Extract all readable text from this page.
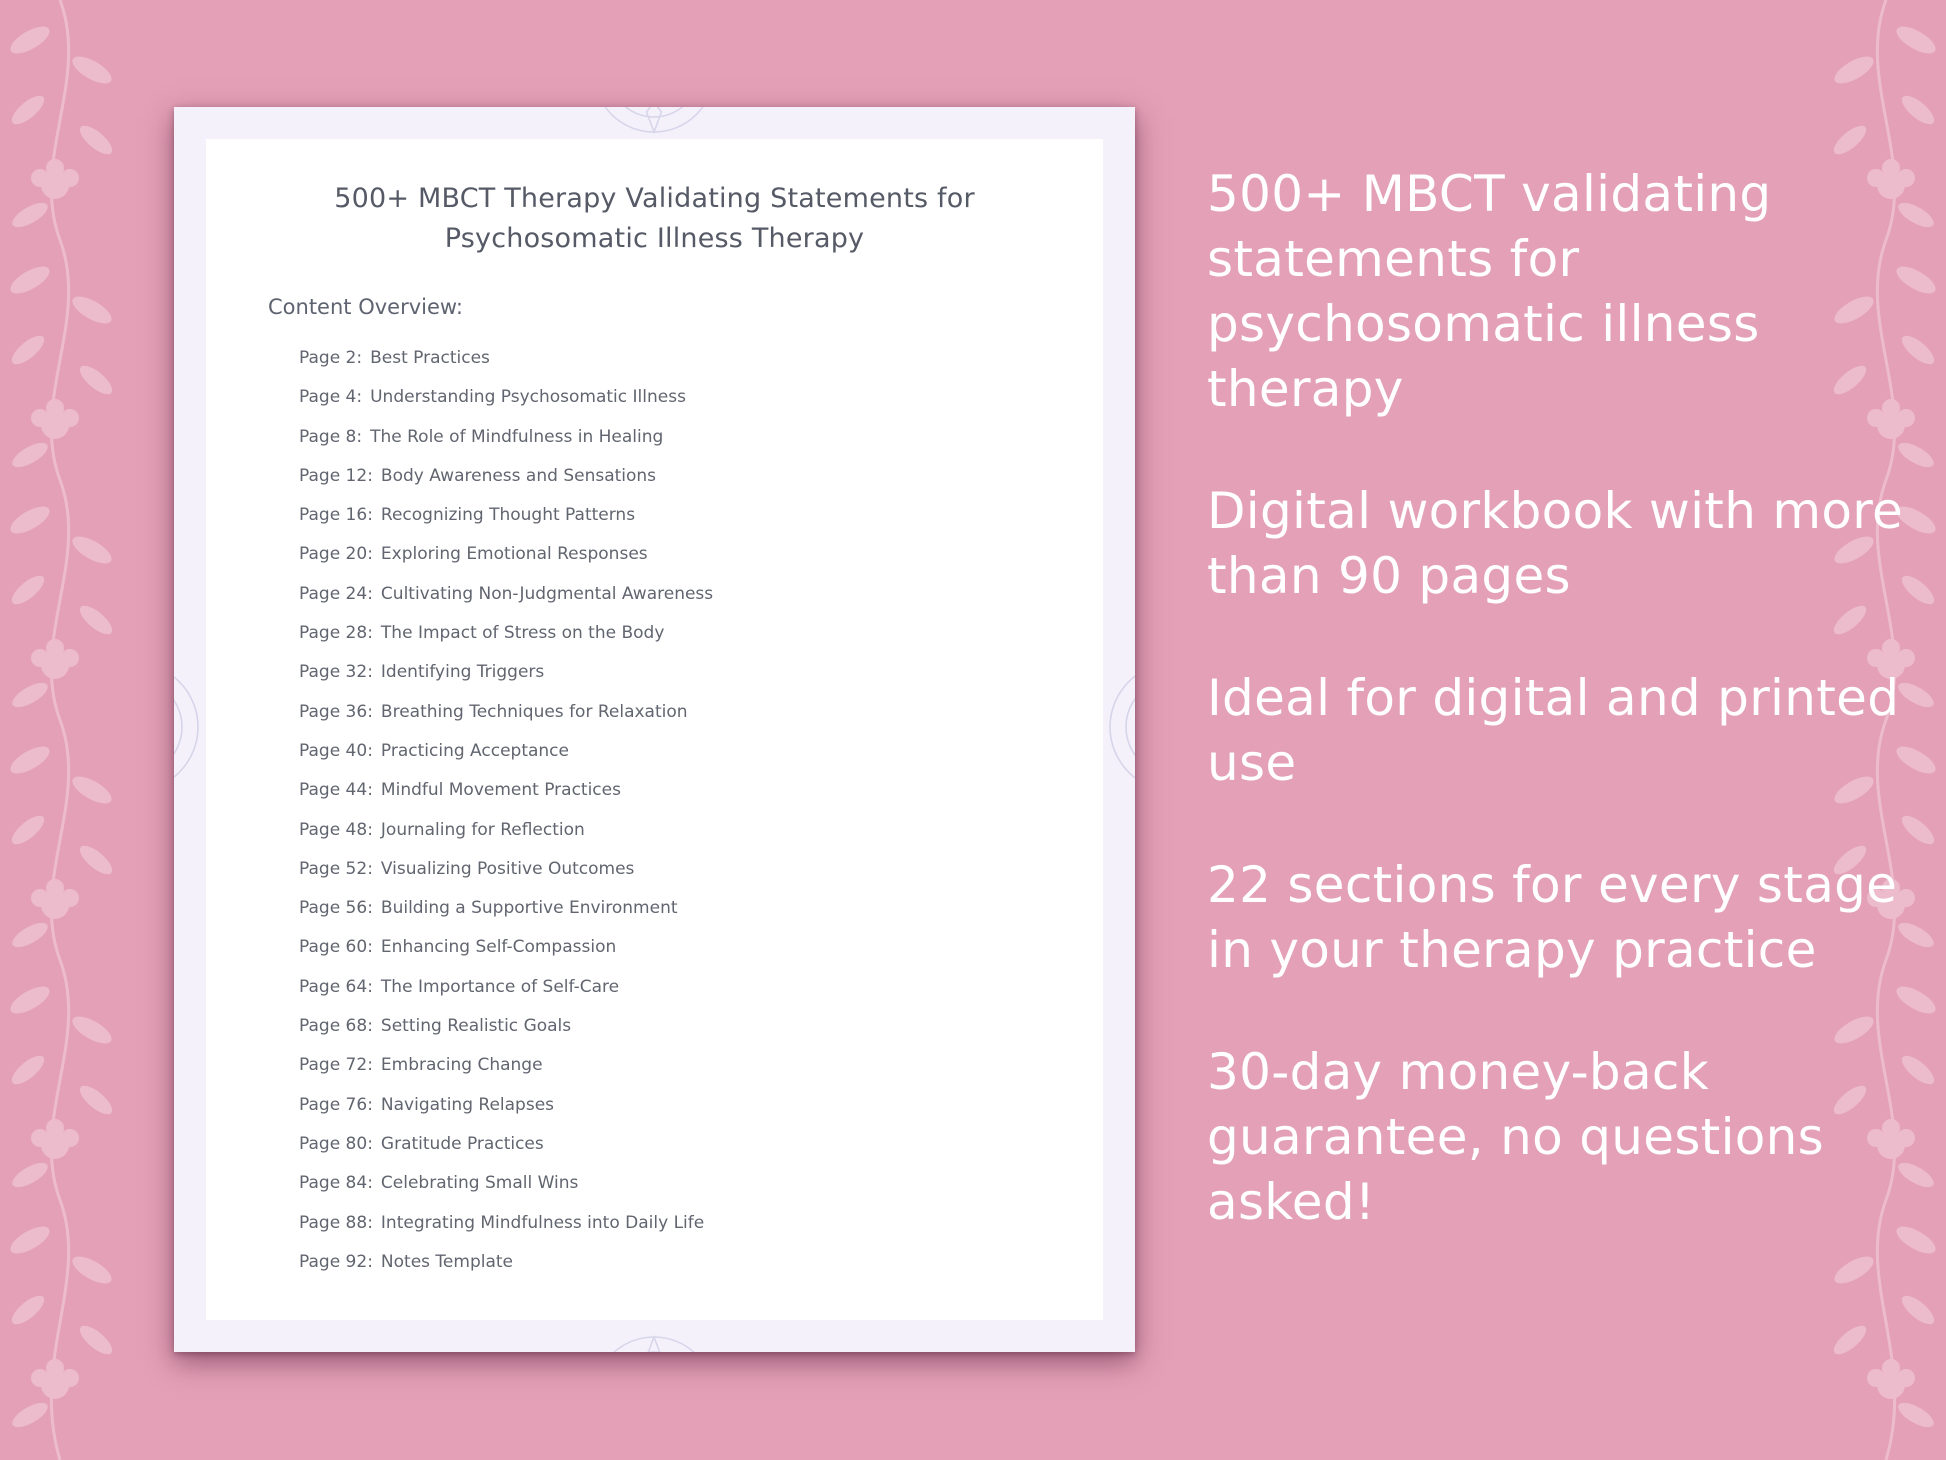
500+ MBCT Therapy Validating Statements for
Psychosomatic Illness Therapy
Content Overview:
Page 2: Best Practices
Page 4: Understanding Psychosomatic Illness
Page 8: The Role of Mindfulness in Healing
Page 12: Body Awareness and Sensations
Page 16: Recognizing Thought Patterns
Page 20: Exploring Emotional Responses
Page 24: Cultivating Non-Judgmental Awareness
Page 28: The Impact of Stress on the Body
Page 32: Identifying Triggers
Page 36: Breathing Techniques for Relaxation
Page 40: Practicing Acceptance
Page 44: Mindful Movement Practices
Page 48: Journaling for Reflection
Page 52: Visualizing Positive Outcomes
Page 56: Building a Supportive Environment
Page 60: Enhancing Self-Compassion
Page 64: The Importance of Self-Care
Page 68: Setting Realistic Goals
Page 72: Embracing Change
Page 76: Navigating Relapses
Page 80: Gratitude Practices
Page 84: Celebrating Small Wins
Page 88: Integrating Mindfulness into Daily Life
Page 92: Notes Template
500+ MBCT validating statements for psychosomatic illness therapy
Digital workbook with more than 90 pages
Ideal for digital and printed use
22 sections for every stage in your therapy practice
30-day money-back guarantee, no questions asked!
